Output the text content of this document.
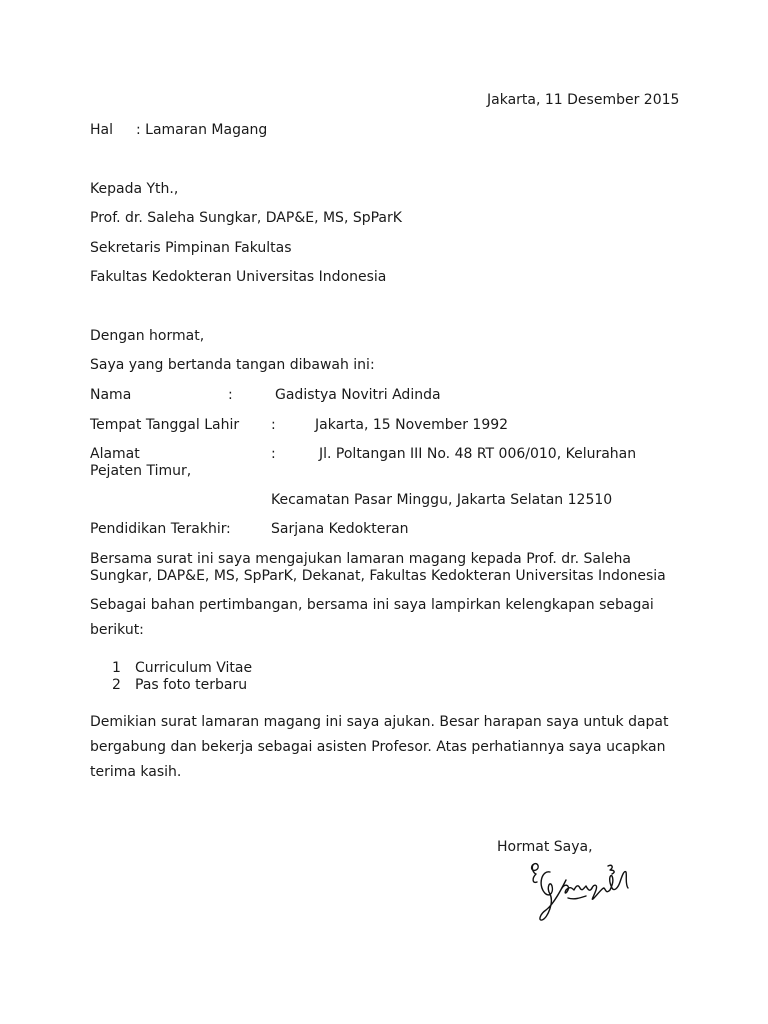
Jakarta, 11 Desember 2015
Hal : Lamaran Magang
Kepada Yth.,
Prof. dr. Saleha Sungkar, DAP&E, MS, SpParK
Sekretaris Pimpinan Fakultas
Fakultas Kedokteran Universitas Indonesia
Dengan hormat,
Saya yang bertanda tangan dibawah ini:
Nama	:	Gadistya Novitri Adinda
Tempat Tanggal Lahir :	Jakarta, 15 November 1992
Alamat	:	Jl. Poltangan III No. 48 RT 006/010, Kelurahan
Pejaten Timur,
Kecamatan Pasar Minggu, Jakarta Selatan 12510
Pendidikan Terakhir :	Sarjana Kedokteran
Bersama surat ini saya mengajukan lamaran magang kepada Prof. dr. Saleha Sungkar, DAP&E, MS, SpParK, Dekanat, Fakultas Kedokteran Universitas Indonesia
Sebagai bahan pertimbangan, bersama ini saya lampirkan kelengkapan sebagai
berikut:
1 Curriculum Vitae
2 Pas foto terbaru
Demikian surat lamaran magang ini saya ajukan. Besar harapan saya untuk dapat
bergabung dan bekerja sebagai asisten Profesor. Atas perhatiannya saya ucapkan
terima kasih.
Hormat Saya,
